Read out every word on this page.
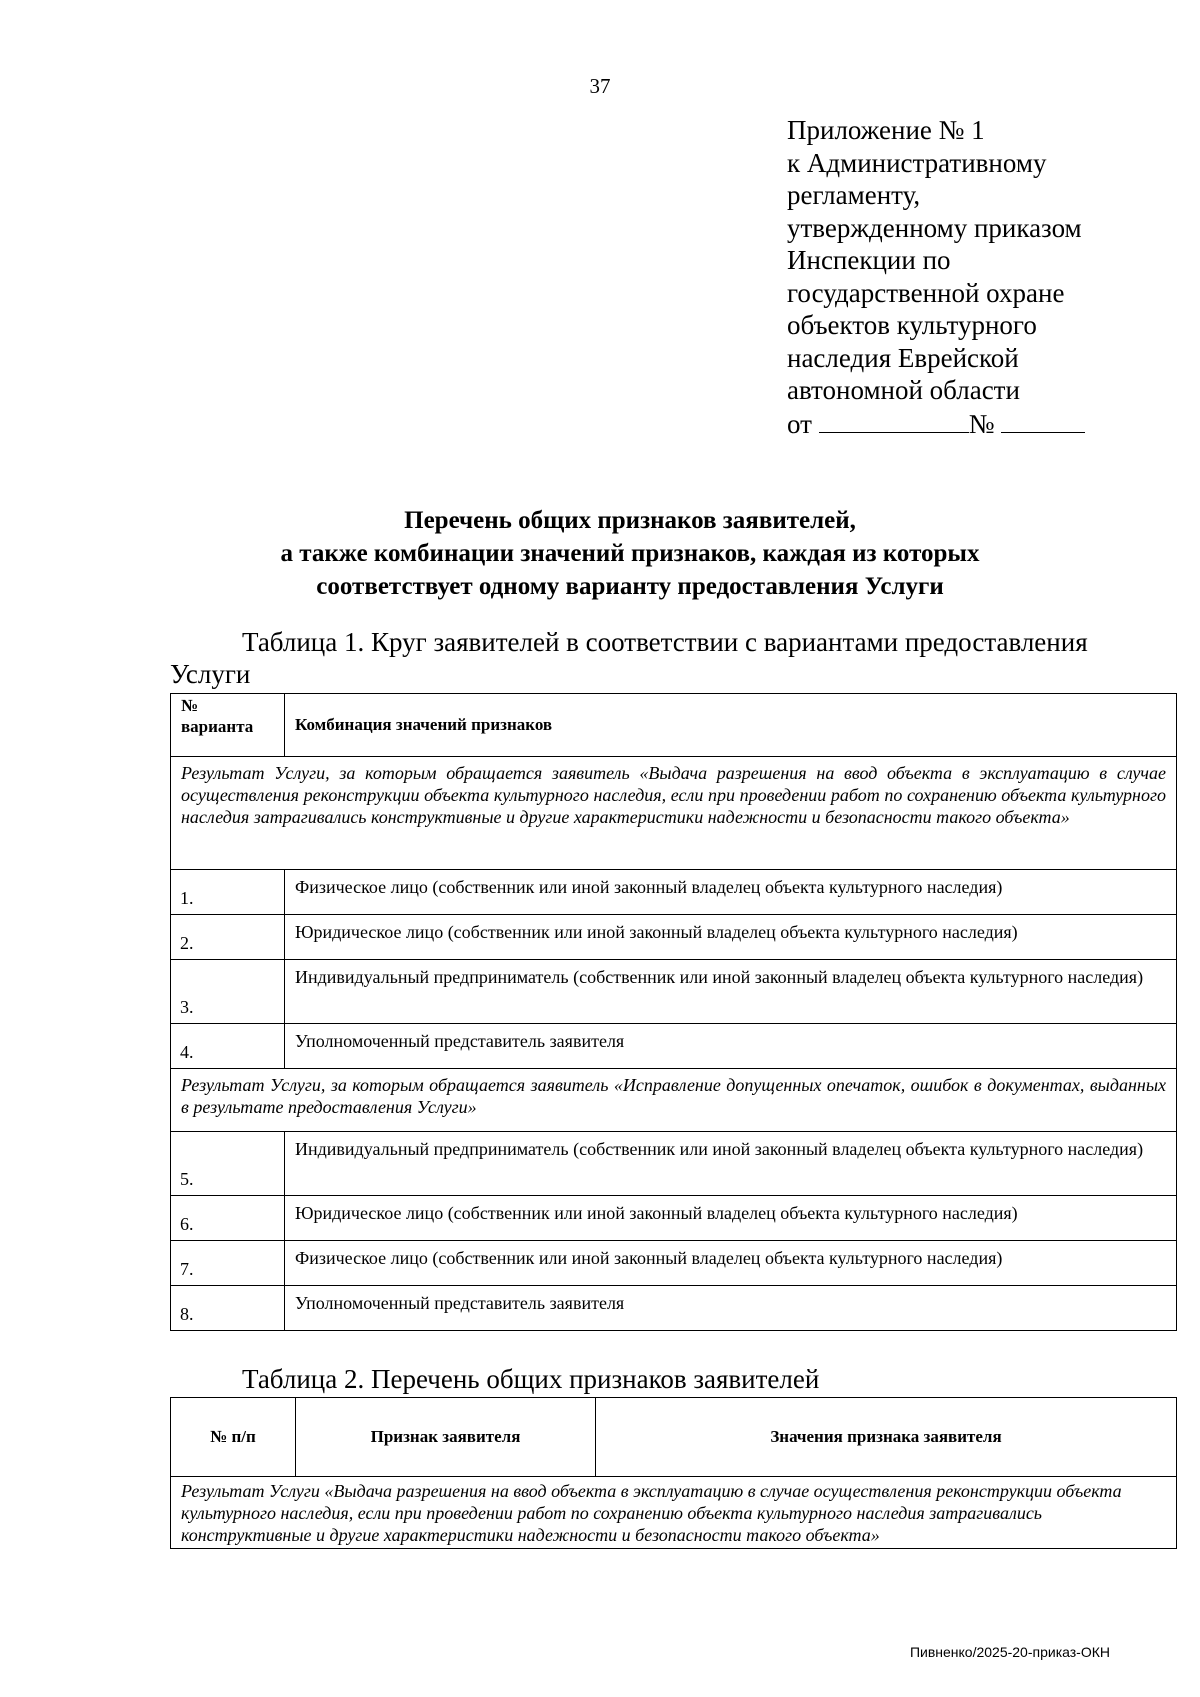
37
Приложение № 1
к Административному
регламенту,
утвержденному приказом
Инспекции по
государственной охране
объектов культурного
наследия Еврейской
автономной области
от	№
Перечень общих признаков заявителей,
а также комбинации значений признаков, каждая из которых
соответствует одному варианту предоставления Услуги
Таблица 1. Круг заявителей в соответствии с вариантами предоставления Услуги
№
варианта	Комбинация значений признаков
Результат Услуги, за которым обращается заявитель «Выдача разрешения на ввод объекта в эксплуатацию в случае осуществления реконструкции объекта культурного наследия, если при проведении работ по сохранению объекта культурного наследия затрагивались конструктивные и другие характеристики надежности и безопасности такого объекта»	
1.	Физическое лицо (собственник или иной законный владелец объекта культурного наследия)
2.	Юридическое лицо (собственник или иной законный владелец объекта культурного наследия)
3.	Индивидуальный предприниматель (собственник или иной законный владелец объекта культурного наследия)
4.	Уполномоченный представитель заявителя
Результат Услуги, за которым обращается заявитель «Исправление допущенных опечаток, ошибок в документах, выданных в результате предоставления Услуги»	
5.	Индивидуальный предприниматель (собственник или иной законный владелец объекта культурного наследия)
6.	Юридическое лицо (собственник или иной законный владелец объекта культурного наследия)
7.	Физическое лицо (собственник или иной законный владелец объекта культурного наследия)
8.	Уполномоченный представитель заявителя
Таблица 2. Перечень общих признаков заявителей
№ п/п	Признак заявителя	Значения признака заявителя
Результат Услуги «Выдача разрешения на ввод объекта в эксплуатацию в случае осуществления реконструкции объекта культурного наследия, если при проведении работ по сохранению объекта культурного наследия затрагивались конструктивные и другие характеристики надежности и безопасности такого объекта»
Пивненко/2025-20-приказ-ОКН
